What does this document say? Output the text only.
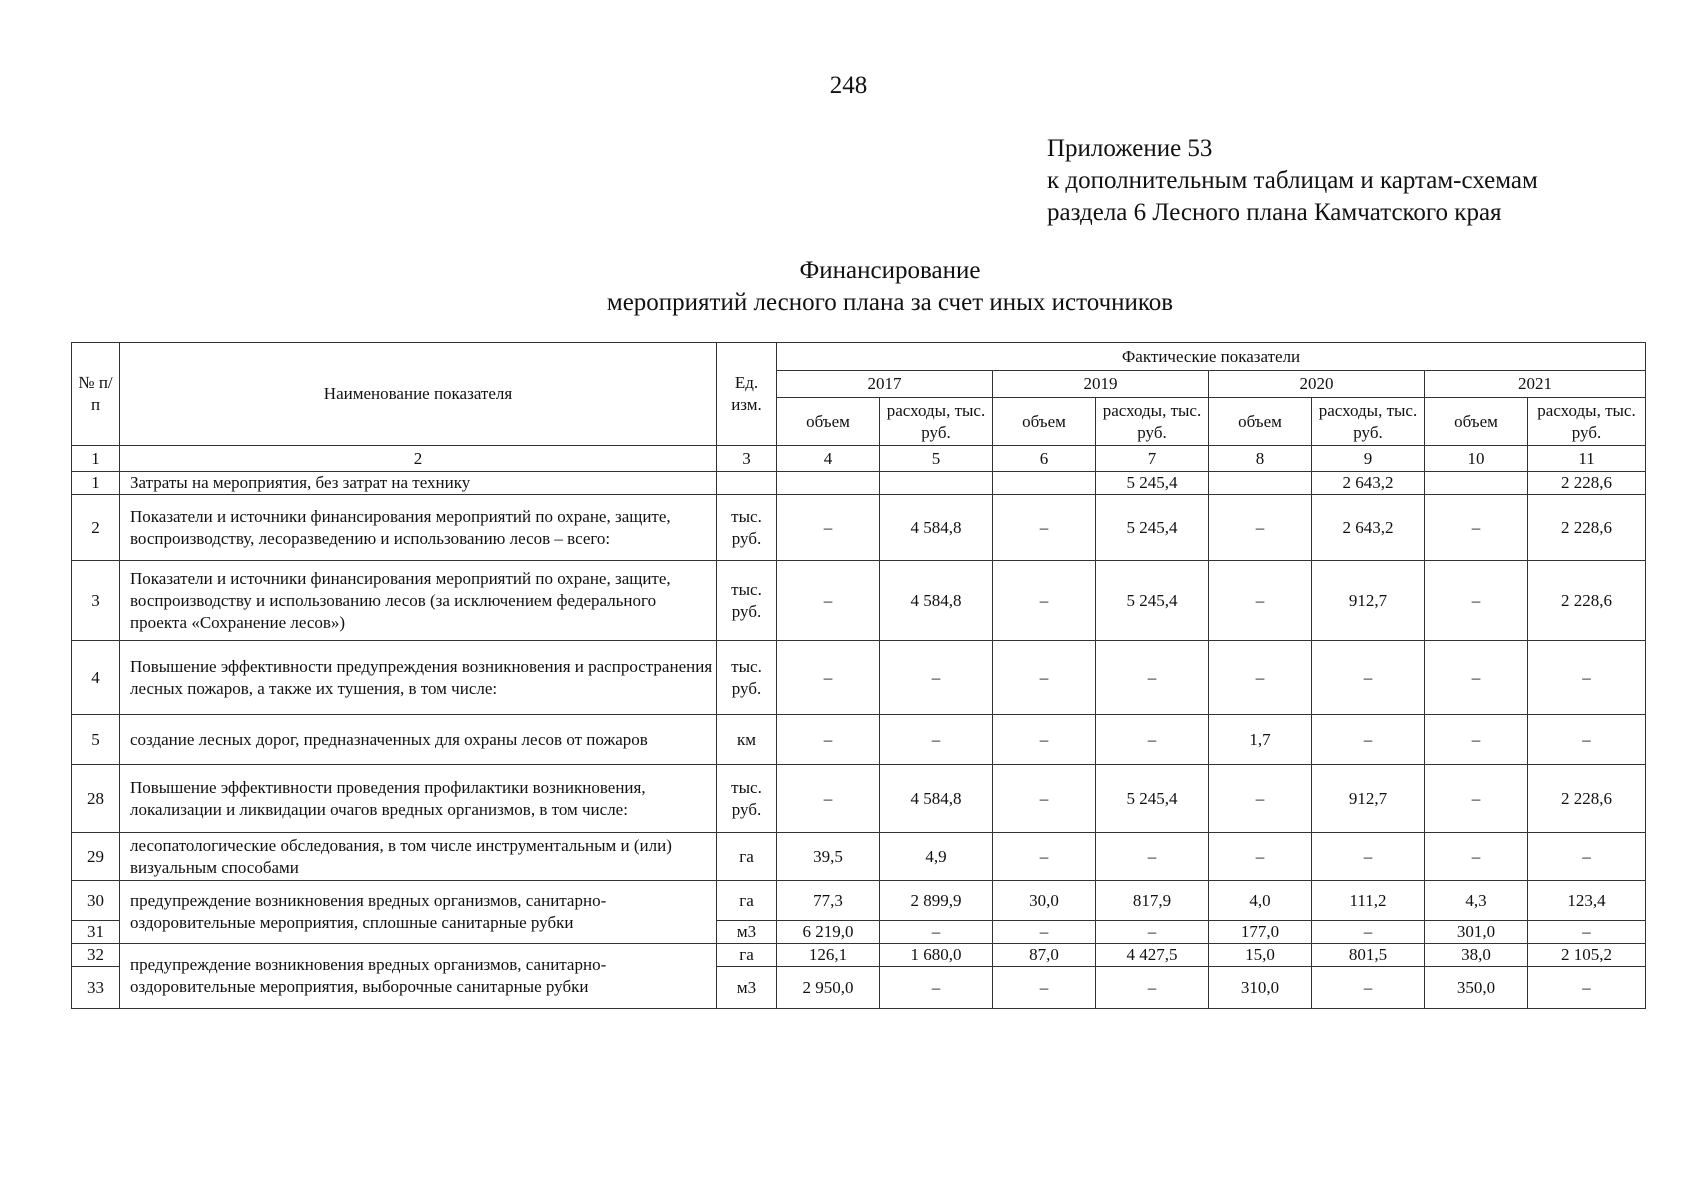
248
Приложение 53
к дополнительным таблицам и картам-схемам
раздела 6 Лесного плана Камчатского края
Финансирование
мероприятий лесного плана за счет иных источников
№ п/п	Наименование показателя	Ед. изм.	Фактические показатели							
			2017		2019		2020		2021	
			объем	расходы, тыс. руб.	объем	расходы, тыс. руб.	объем	расходы, тыс. руб.	объем	расходы, тыс. руб.
1	2	3	4	5	6	7	8	9	10	11
1	Затраты на мероприятия, без затрат на технику					5 245,4		2 643,2		2 228,6
2	Показатели и источники финансирования мероприятий по охране, защите, воспроизводству, лесоразведению и использованию лесов – всего:	тыс. руб.	–	4 584,8	–	5 245,4	–	2 643,2	–	2 228,6
3	Показатели и источники финансирования мероприятий по охране, защите, воспроизводству и использованию лесов (за исключением федерального проекта «Сохранение лесов»)	тыс. руб.	–	4 584,8	–	5 245,4	–	912,7	–	2 228,6
4	Повышение эффективности предупреждения возникновения и распространения лесных пожаров, а также их тушения, в том числе:	тыс. руб.	–	–	–	–	–	–	–	–
5	создание лесных дорог, предназначенных для охраны лесов от пожаров	км	–	–	–	–	1,7	–	–	–
28	Повышение эффективности проведения профилактики возникновения, локализации и ликвидации очагов вредных организмов, в том числе:	тыс. руб.	–	4 584,8	–	5 245,4	–	912,7	–	2 228,6
29	лесопатологические обследования, в том числе инструментальным и (или) визуальным способами	га	39,5	4,9	–	–	–	–	–	–
30	предупреждение возникновения вредных организмов, санитарно-оздоровительные мероприятия, сплошные санитарные рубки	га	77,3	2 899,9	30,0	817,9	4,0	111,2	4,3	123,4
31		м3	6 219,0	–	–	–	177,0	–	301,0	–
32	предупреждение возникновения вредных организмов, санитарно-оздоровительные мероприятия, выборочные санитарные рубки	га	126,1	1 680,0	87,0	4 427,5	15,0	801,5	38,0	2 105,2
33		м3	2 950,0	–	–	–	310,0	–	350,0	–
